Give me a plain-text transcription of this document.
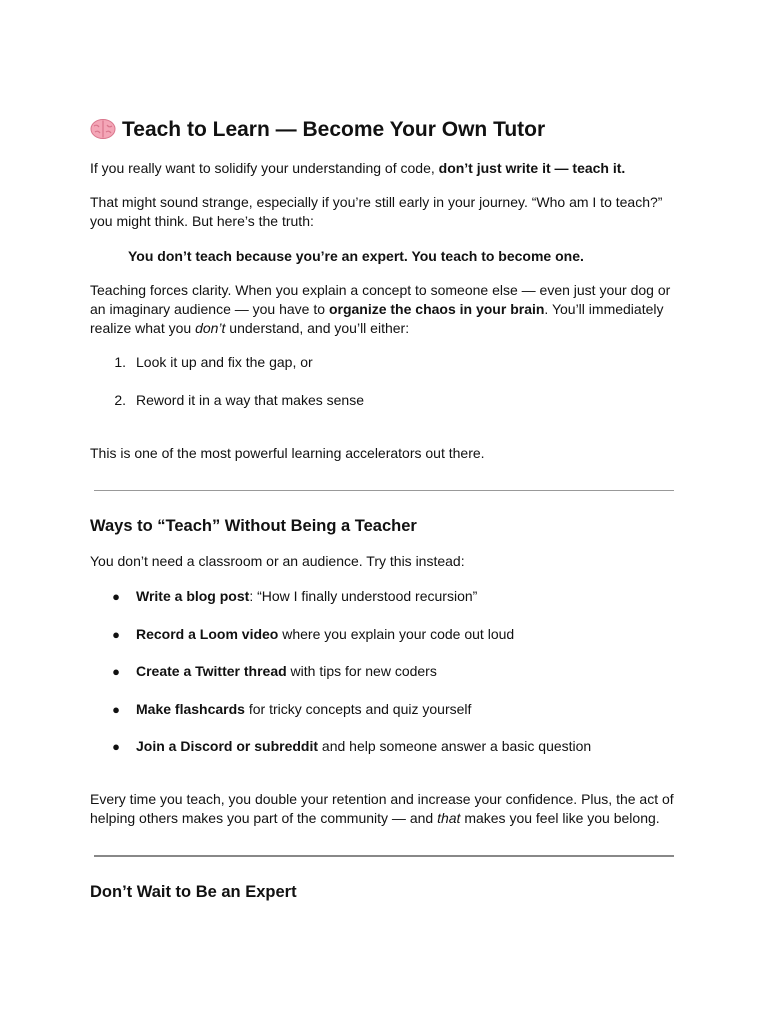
Teach to Learn — Become Your Own Tutor

If you really want to solidify your understanding of code, don’t just write it — teach it.

That might sound strange, especially if you’re still early in your journey. “Who am I to teach?”
you might think. But here’s the truth:

You don’t teach because you’re an expert. You teach to become one.

Teaching forces clarity. When you explain a concept to someone else — even just your dog or
an imaginary audience — you have to organize the chaos in your brain. You’ll immediately
realize what you don’t understand, and you’ll either:

1. Look it up and fix the gap, or
2. Reword it in a way that makes sense

This is one of the most powerful learning accelerators out there.

Ways to “Teach” Without Being a Teacher

You don’t need a classroom or an audience. Try this instead:

● Write a blog post: “How I finally understood recursion”
● Record a Loom video where you explain your code out loud
● Create a Twitter thread with tips for new coders
● Make flashcards for tricky concepts and quiz yourself
● Join a Discord or subreddit and help someone answer a basic question

Every time you teach, you double your retention and increase your confidence. Plus, the act of
helping others makes you part of the community — and that makes you feel like you belong.

Don’t Wait to Be an Expert
